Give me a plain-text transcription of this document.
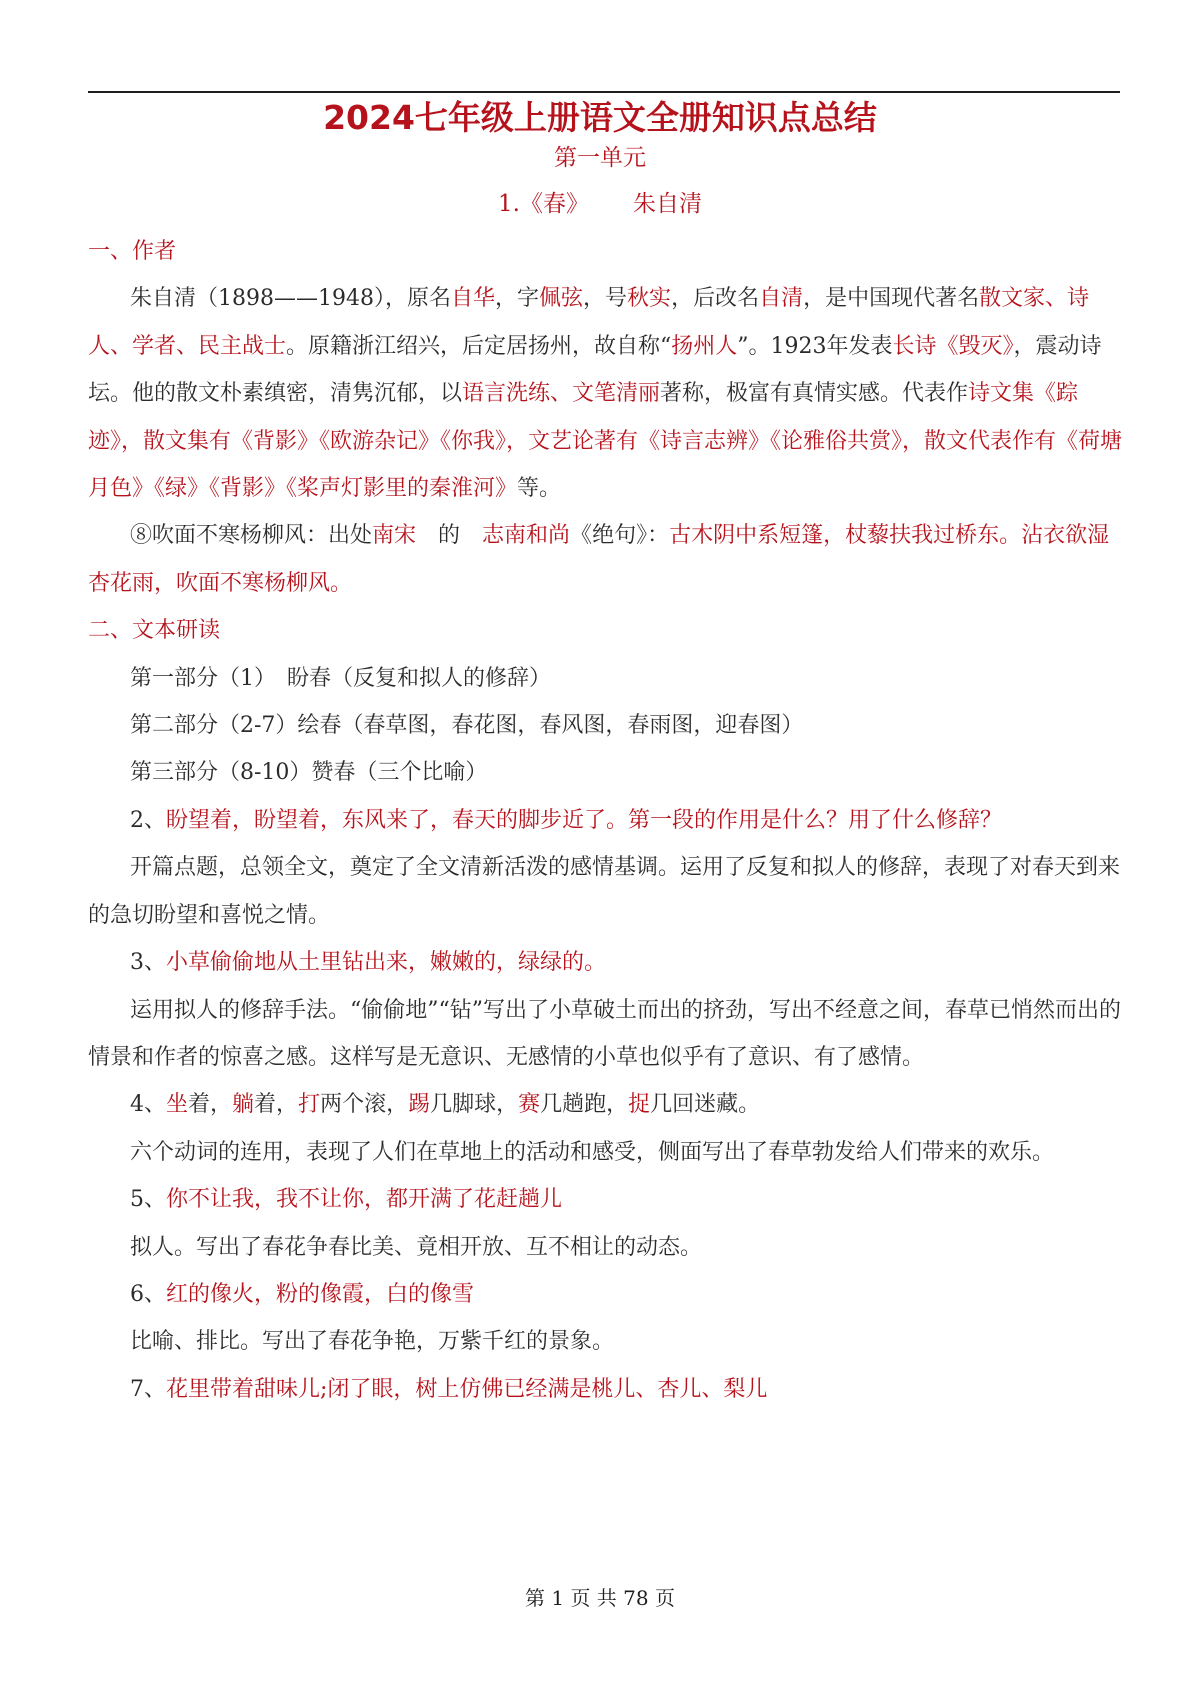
2024七年级上册语文全册知识点总结
第一单元
1.《春》 朱自清

一、作者

朱自清（1898——1948），原名自华，字佩弦，号秋实，后改名自清，是中国现代著名散文家、诗人、学者、民主战士。原籍浙江绍兴，后定居扬州，故自称“扬州人”。1923年发表长诗《毁灭》，震动诗坛。他的散文朴素缜密，清隽沉郁，以语言洗练、文笔清丽著称，极富有真情实感。代表作诗文集《踪迹》，散文集有《背影》《欧游杂记》《你我》，文艺论著有《诗言志辨》《论雅俗共赏》，散文代表作有《荷塘月色》《绿》《背影》《桨声灯影里的秦淮河》等。

⑧吹面不寒杨柳风：出处南宋　的　志南和尚《绝句》：古木阴中系短篷，杖藜扶我过桥东。沾衣欲湿杏花雨，吹面不寒杨柳风。

二、文本研读

第一部分（1）　盼春（反复和拟人的修辞）

第二部分（2-7）绘春（春草图，春花图，春风图，春雨图，迎春图）

第三部分（8-10）赞春（三个比喻）

2、盼望着，盼望着，东风来了，春天的脚步近了。第一段的作用是什么？用了什么修辞？

开篇点题，总领全文，奠定了全文清新活泼的感情基调。运用了反复和拟人的修辞，表现了对春天到来的急切盼望和喜悦之情。

3、小草偷偷地从土里钻出来，嫩嫩的，绿绿的。

运用拟人的修辞手法。“偷偷地”“钻”写出了小草破土而出的挤劲，写出不经意之间，春草已悄然而出的情景和作者的惊喜之感。这样写是无意识、无感情的小草也似乎有了意识、有了感情。

4、坐着，躺着，打两个滚，踢几脚球，赛几趟跑，捉几回迷藏。

六个动词的连用，表现了人们在草地上的活动和感受，侧面写出了春草勃发给人们带来的欢乐。

5、你不让我，我不让你，都开满了花赶趟儿

拟人。写出了春花争春比美、竟相开放、互不相让的动态。

6、红的像火，粉的像霞，白的像雪

比喻、排比。写出了春花争艳，万紫千红的景象。

7、花里带着甜味儿;闭了眼，树上仿佛已经满是桃儿、杏儿、梨儿

第 1 页 共 78 页
